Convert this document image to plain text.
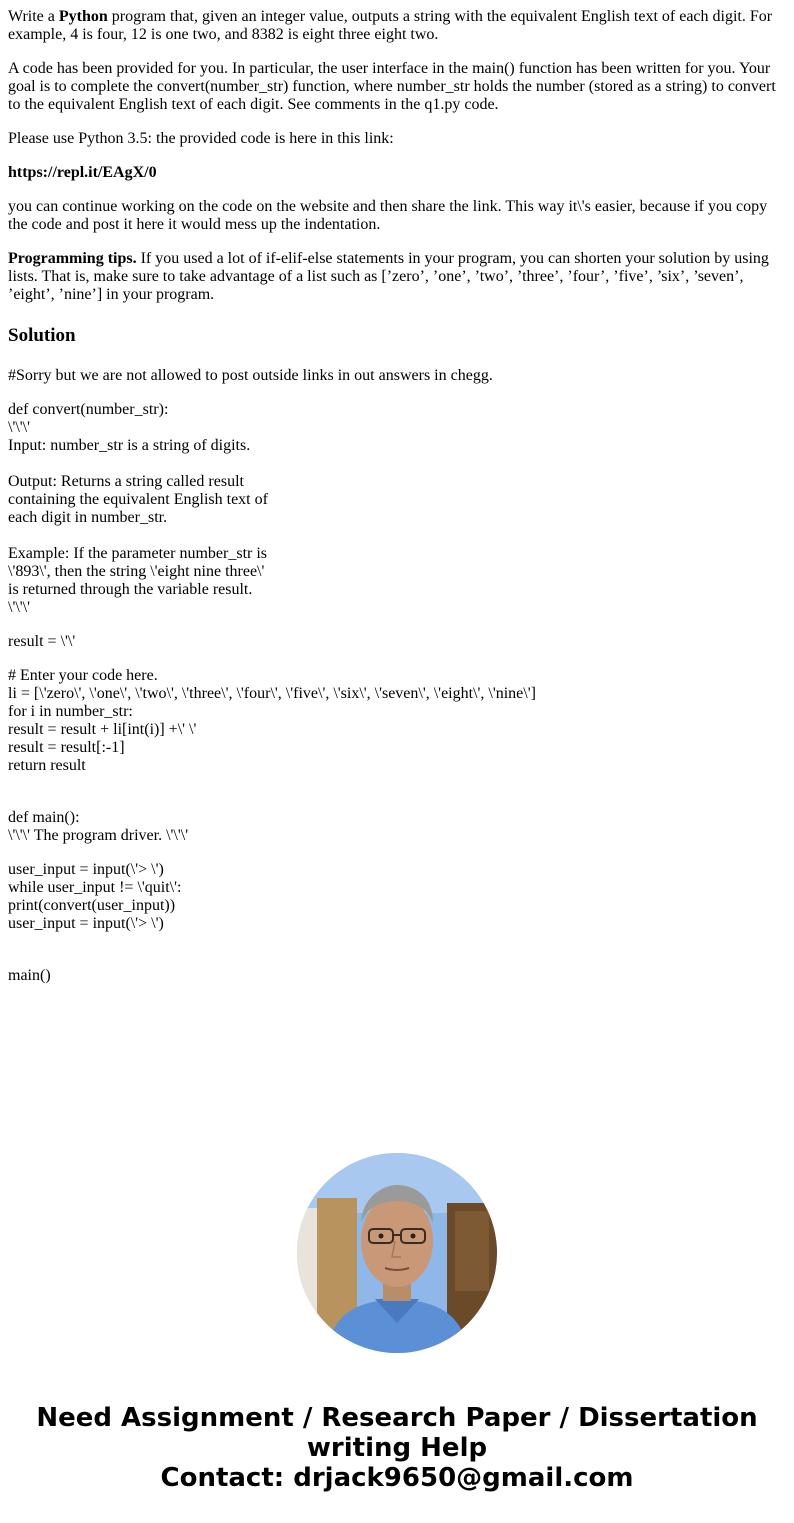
Write a Python program that, given an integer value, outputs a string with the equivalent English text of each digit. For example, 4 is four, 12 is one two, and 8382 is eight three eight two.

A code has been provided for you. In particular, the user interface in the main() function has been written for you. Your goal is to complete the convert(number_str) function, where number_str holds the number (stored as a string) to convert to the equivalent English text of each digit. See comments in the q1.py code.

Please use Python 3.5: the provided code is here in this link:

https://repl.it/EAgX/0

you can continue working on the code on the website and then share the link. This way it\'s easier, because if you copy the code and post it here it would mess up the indentation.

Programming tips. If you used a lot of if-elif-else statements in your program, you can shorten your solution by using lists. That is, make sure to take advantage of a list such as [’zero’, ’one’, ’two’, ’three’, ’four’, ’five’, ’six’, ’seven’, ’eight’, ’nine’] in your program.

Solution

#Sorry but we are not allowed to post outside links in out answers in chegg.

def convert(number_str):
\'\'\'
Input: number_str is a string of digits.
Output: Returns a string called result
containing the equivalent English text of
each digit in number_str.
Example: If the parameter number_str is
\'893\', then the string \'eight nine three\'
is returned through the variable result.
\'\'\'

result = \'\'

# Enter your code here.
li = [\'zero\', \'one\', \'two\', \'three\', \'four\', \'five\', \'six\', \'seven\', \'eight\', \'nine\']
for i in number_str:
result = result + li[int(i)] +\' \'
result = result[:-1]
return result

def main():
\'\'\' The program driver. \'\'\'

user_input = input(\'> \')
while user_input != \'quit\':
print(convert(user_input))
user_input = input(\'> \')

main()

Need Assignment / Research Paper / Dissertation
writing Help
Contact: drjack9650@gmail.com
